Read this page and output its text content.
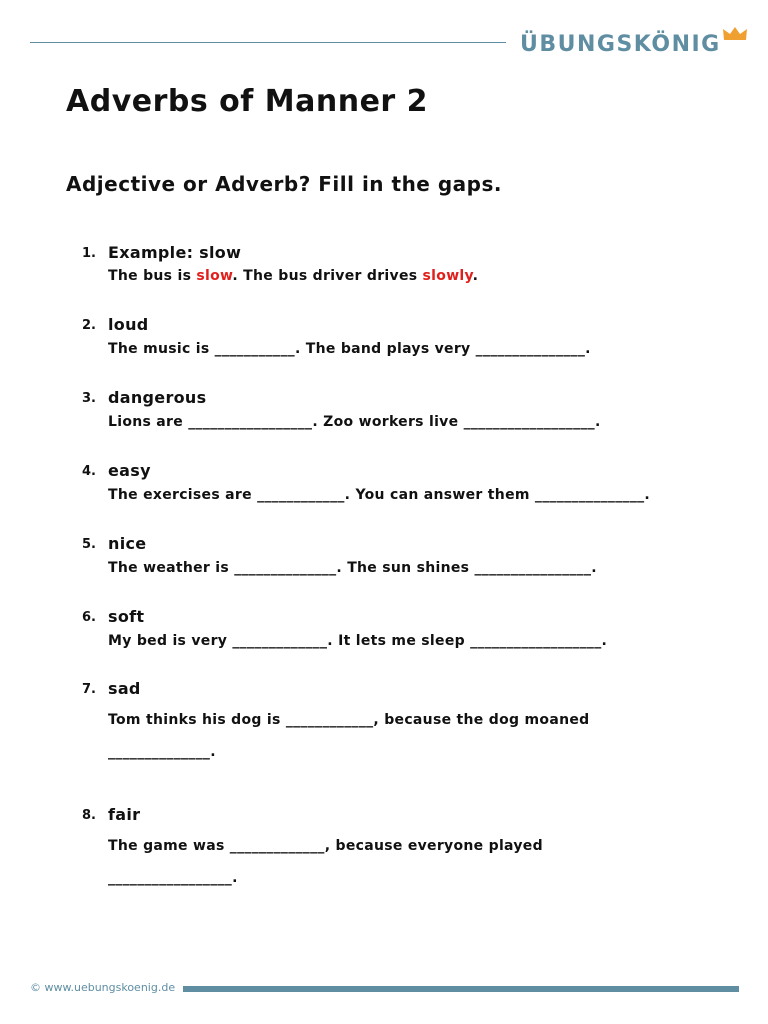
ÜBUNGSKÖNIG
Adverbs of Manner 2
Adjective or Adverb? Fill in the gaps.
1. Example: slow
The bus is slow. The bus driver drives slowly.
2. loud
The music is ___________. The band plays very _______________.
3. dangerous
Lions are _________________. Zoo workers live __________________.
4. easy
The exercises are ____________. You can answer them _______________.
5. nice
The weather is ______________. The sun shines ________________.
6. soft
My bed is very _____________. It lets me sleep __________________.
7. sad
Tom thinks his dog is ____________, because the dog moaned
______________.
8. fair
The game was _____________, because everyone played
_________________.
© www.uebungskoenig.de
